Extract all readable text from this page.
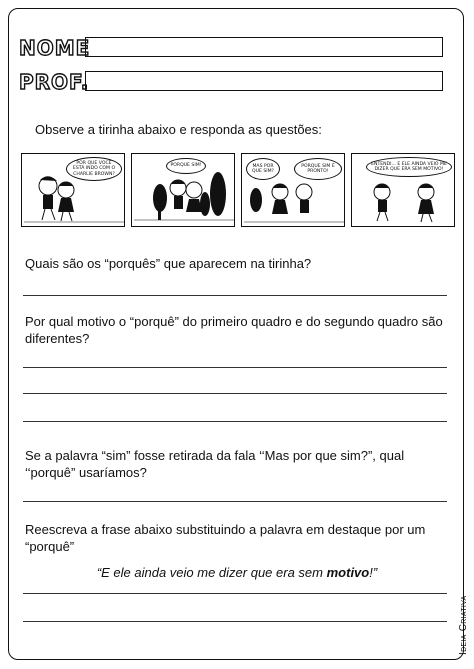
NOME
PROF.
Observe a tirinha abaixo e responda as questões:
POR QUE VOCÊ ESTÁ INDO COM O CHARLIE BROWN?
PORQUE SIM!	MAS POR QUE SIM?
PORQUE SIM É PRONTO!
ENTENDI... E ELE AINDA VEIO ME DIZER QUE ERA SEM MOTIVO!
Quais são os “porquês” que aparecem na tirinha?
Por qual motivo o “porquê” do primeiro quadro e do segundo quadro são diferentes?
Se a palavra “sim” fosse retirada da fala ‘‘Mas por que sim?”, qual ‘‘porquê” usaríamos?
Reescreva a frase abaixo substituindo a palavra em destaque por um “porquê”
“E ele ainda veio me dizer que era sem motivo!”
Ideia Criativa
